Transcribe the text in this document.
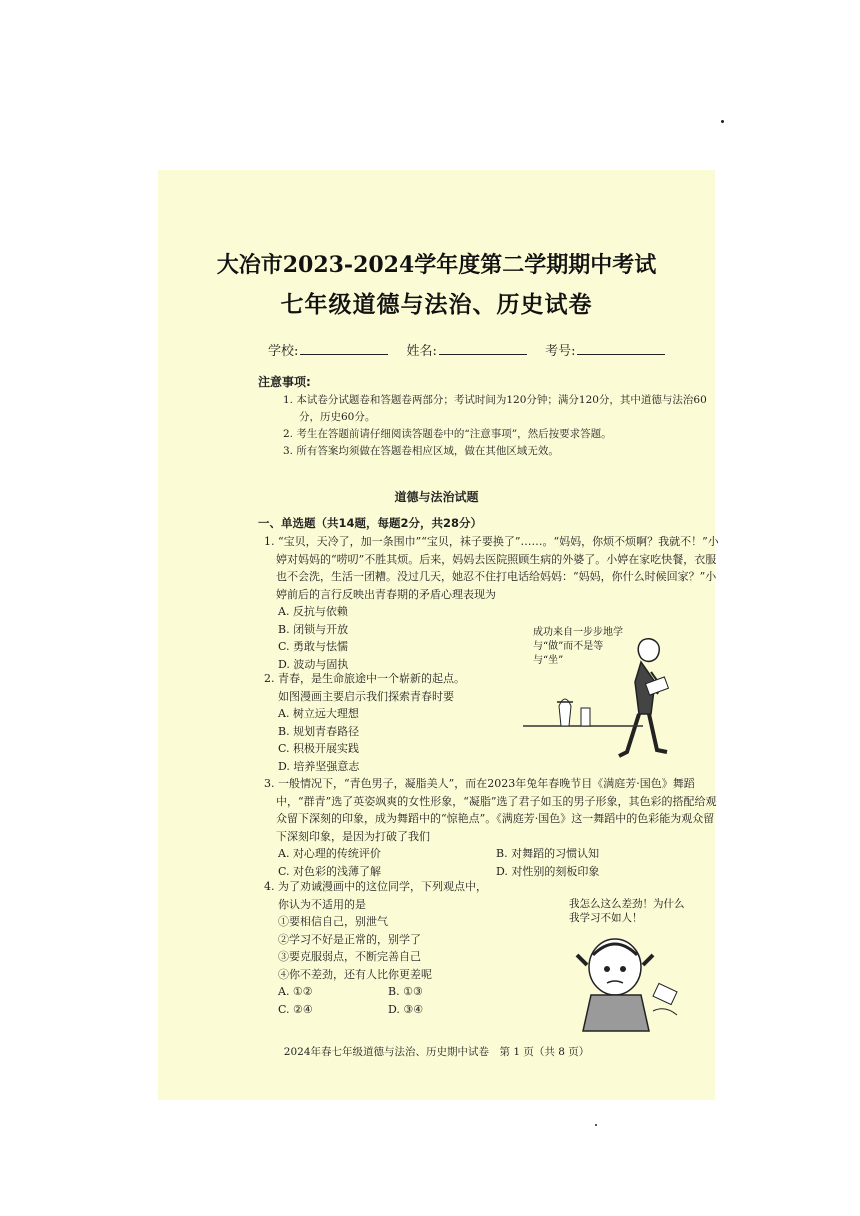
大冶市2023-2024学年度第二学期期中考试
七年级道德与法治、历史试卷
学校:	姓名:	考号:
注意事项:
1. 本试卷分试题卷和答题卷两部分；考试时间为120分钟；满分120分，其中道德与法治60分，历史60分。
2. 考生在答题前请仔细阅读答题卷中的“注意事项”，然后按要求答题。
3. 所有答案均须做在答题卷相应区域，做在其他区域无效。
道德与法治试题
一、单选题（共14题，每题2分，共28分）
1. “宝贝，天冷了，加一条围巾”“宝贝，袜子要换了”……。“妈妈，你烦不烦啊？我就不！”小婷对妈妈的“唠叨”不胜其烦。后来，妈妈去医院照顾生病的外婆了。小婷在家吃快餐，衣服也不会洗，生活一团糟。没过几天，她忍不住打电话给妈妈：“妈妈，你什么时候回家？”小婷前后的言行反映出青春期的矛盾心理表现为
A. 反抗与依赖
B. 闭锁与开放
C. 勇敢与怯懦
D. 波动与固执
2. 青春，是生命旅途中一个崭新的起点。
如图漫画主要启示我们探索青春时要
A. 树立远大理想
B. 规划青春路径
C. 积极开展实践
D. 培养坚强意志
成功来自一步步地学与“做”而不是等与“坐”
3. 一般情况下，“青色男子，凝脂美人”，而在2023年兔年春晚节目《满庭芳·国色》舞蹈中，“群青”选了英姿飒爽的女性形象，“凝脂”选了君子如玉的男子形象，其色彩的搭配给观众留下深刻的印象，成为舞蹈中的“惊艳点”。《满庭芳·国色》这一舞蹈中的色彩能为观众留下深刻印象，是因为打破了我们
A. 对心理的传统评价	B. 对舞蹈的习惯认知
C. 对色彩的浅薄了解	D. 对性别的刻板印象
4. 为了劝诫漫画中的这位同学，下列观点中，
你认为不适用的是
①要相信自己，别泄气
②学习不好是正常的，别学了
③要克服弱点，不断完善自己
④你不差劲，还有人比你更差呢
A. ①②	B. ①③
C. ②④	D. ③④
我怎么这么差劲！为什么我学习不如人！
2024年春七年级道德与法治、历史期中试卷　第 1 页（共 8 页）
